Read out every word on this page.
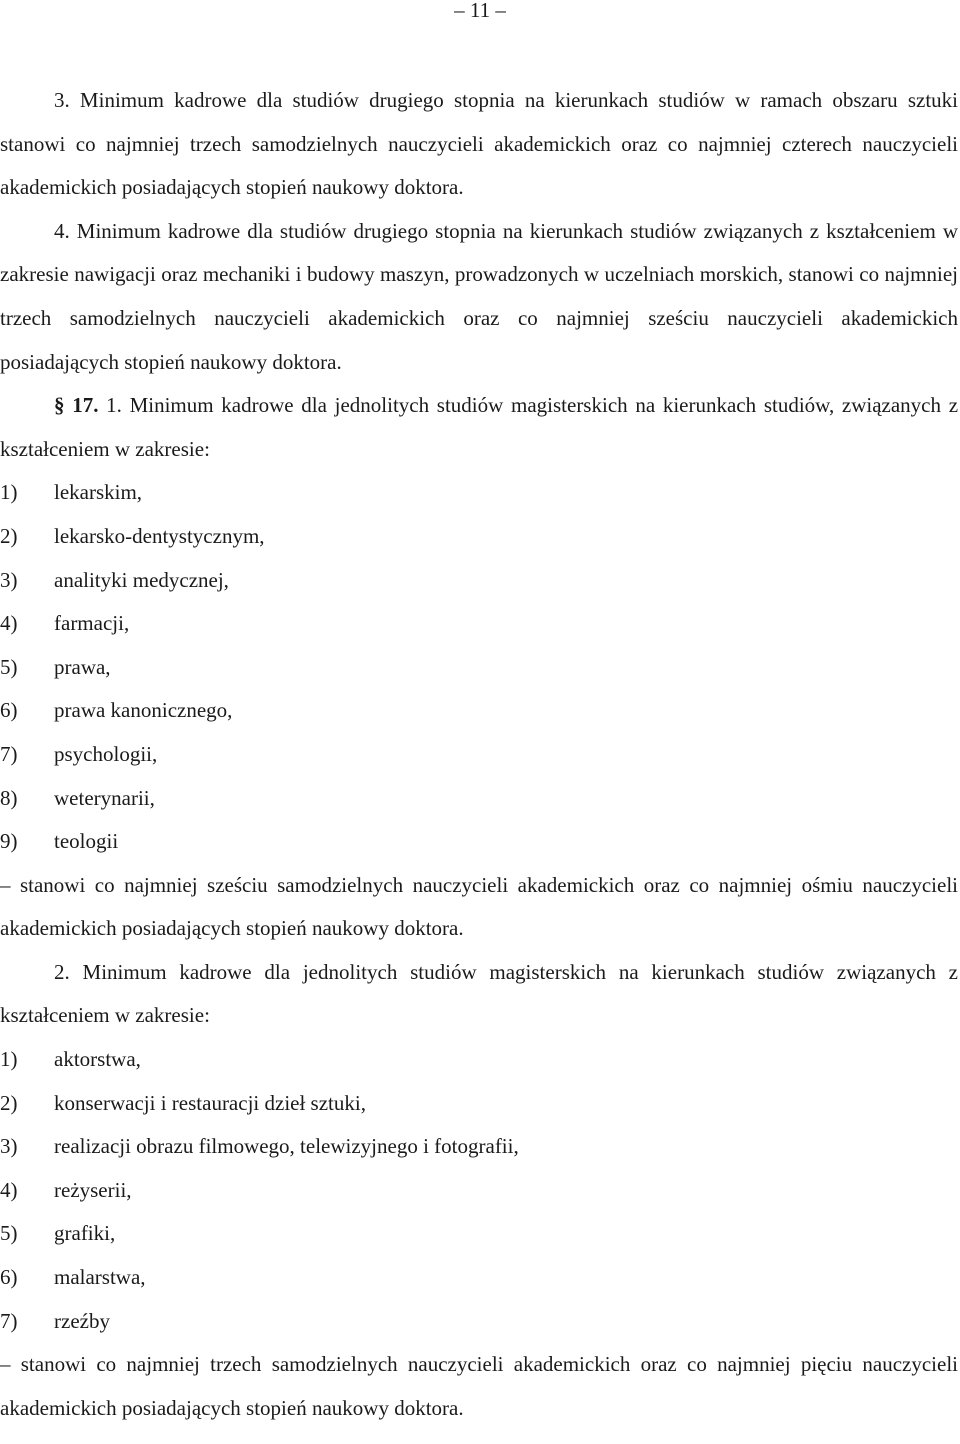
– 11 –

3. Minimum kadrowe dla studiów drugiego stopnia na kierunkach studiów w ramach obszaru sztuki stanowi co najmniej trzech samodzielnych nauczycieli akademickich oraz co najmniej czterech nauczycieli akademickich posiadających stopień naukowy doktora.

4. Minimum kadrowe dla studiów drugiego stopnia na kierunkach studiów związanych z kształceniem w zakresie nawigacji oraz mechaniki i budowy maszyn, prowadzonych w uczelniach morskich, stanowi co najmniej trzech samodzielnych nauczycieli akademickich oraz co najmniej sześciu nauczycieli akademickich posiadających stopień naukowy doktora.

§ 17. 1. Minimum kadrowe dla jednolitych studiów magisterskich na kierunkach studiów, związanych z kształceniem w zakresie:

1)	lekarskim,
2)	lekarsko-dentystycznym,
3)	analityki medycznej,
4)	farmacji,
5)	prawa,
6)	prawa kanonicznego,
7)	psychologii,
8)	weterynarii,
9)	teologii

– stanowi co najmniej sześciu samodzielnych nauczycieli akademickich oraz co najmniej ośmiu nauczycieli akademickich posiadających stopień naukowy doktora.

2. Minimum kadrowe dla jednolitych studiów magisterskich na kierunkach studiów związanych z kształceniem w zakresie:

1)	aktorstwa,
2)	konserwacji i restauracji dzieł sztuki,
3)	realizacji obrazu filmowego, telewizyjnego i fotografii,
4)	reżyserii,
5)	grafiki,
6)	malarstwa,
7)	rzeźby

– stanowi co najmniej trzech samodzielnych nauczycieli akademickich oraz co najmniej pięciu nauczycieli akademickich posiadających stopień naukowy doktora.
